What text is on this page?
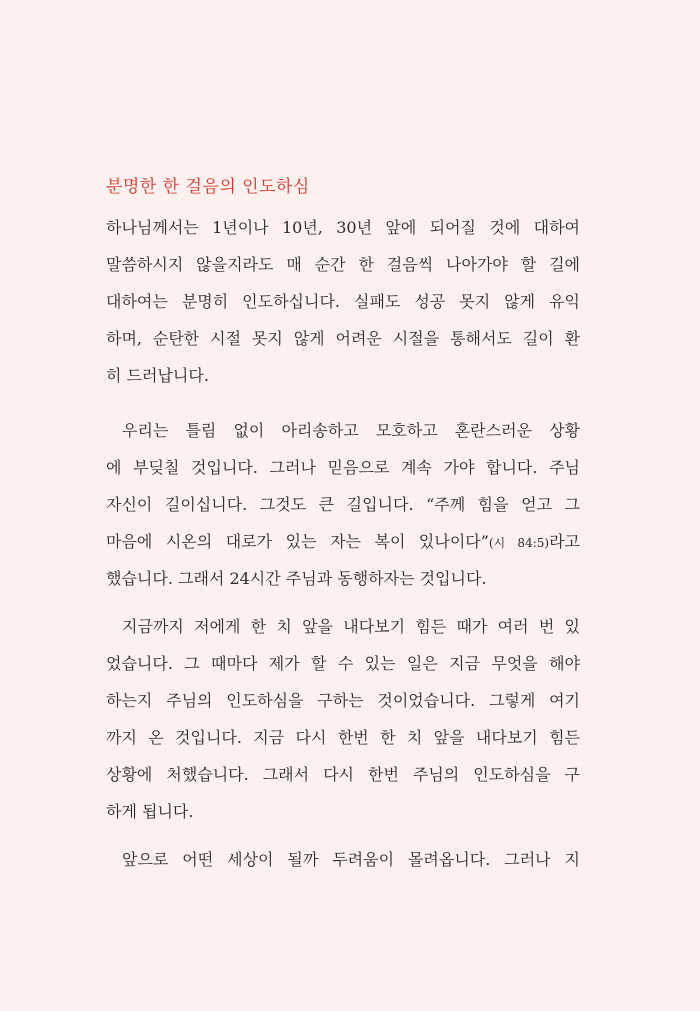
분명한 한 걸음의 인도하심
하나님께서는 1년이나 10년, 30년 앞에 되어질 것에 대하여
말씀하시지 않을지라도 매 순간 한 걸음씩 나아가야 할 길에
대하여는 분명히 인도하십니다. 실패도 성공 못지 않게 유익
하며, 순탄한 시절 못지 않게 어려운 시절을 통해서도 길이 환
히 드러납니다.
우리는 틀림 없이 아리송하고 모호하고 혼란스러운 상황
에 부딪칠 것입니다. 그러나 믿음으로 계속 가야 합니다. 주님
자신이 길이십니다. 그것도 큰 길입니다. “주께 힘을 얻고 그
마음에 시온의 대로가 있는 자는 복이 있나이다”(시 84:5)라고
했습니다. 그래서 24시간 주님과 동행하자는 것입니다.
지금까지 저에게 한 치 앞을 내다보기 힘든 때가 여러 번 있
었습니다. 그 때마다 제가 할 수 있는 일은 지금 무엇을 해야
하는지 주님의 인도하심을 구하는 것이었습니다. 그렇게 여기
까지 온 것입니다. 지금 다시 한번 한 치 앞을 내다보기 힘든
상황에 처했습니다. 그래서 다시 한번 주님의 인도하심을 구
하게 됩니다.
앞으로 어떤 세상이 될까 두려움이 몰려옵니다. 그러나 지
